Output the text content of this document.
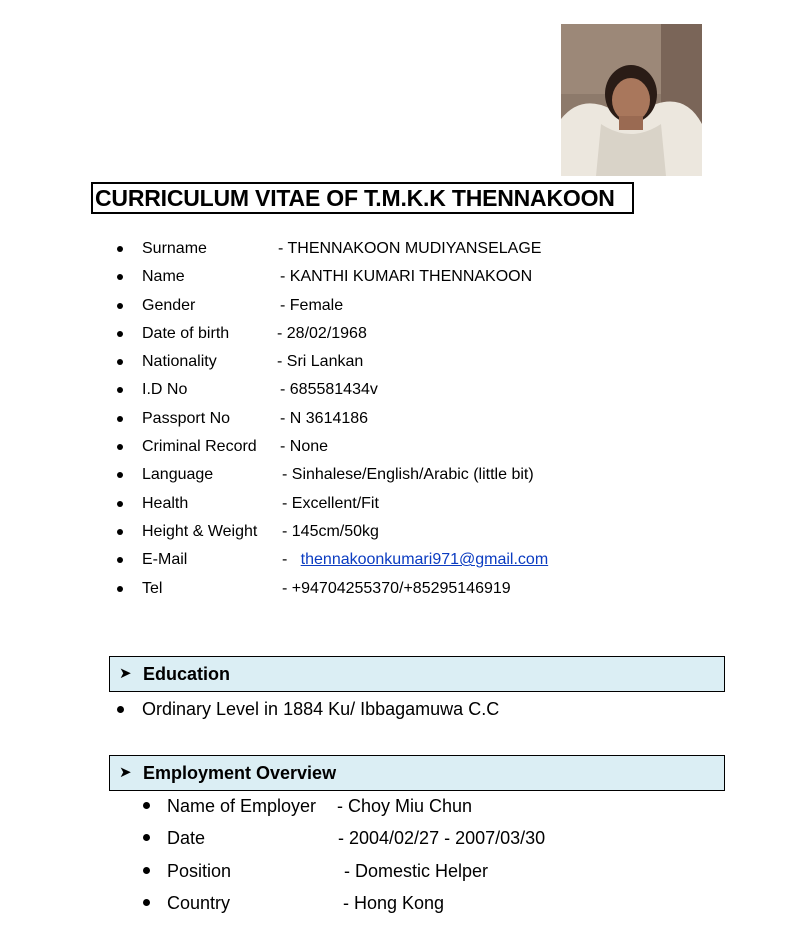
CURRICULUM VITAE OF T.M.K.K THENNAKOON
Surname	- THENNAKOON MUDIYANSELAGE
Name	- KANTHI KUMARI THENNAKOON
Gender	- Female
Date of birth	- 28/02/1968
Nationality	- Sri Lankan
I.D No	- 685581434v
Passport No	- N 3614186
Criminal Record - None
Language	- Sinhalese/English/Arabic (little bit)
Health	- Excellent/Fit
Height & Weight - 145cm/50kg
E-Mail	- thennakoonkumari971@gmail.com
Tel	- +94704255370/+85295146919
➤ Education
Ordinary Level in 1884 Ku/ Ibbagamuwa C.C
➤ Employment Overview
Name of Employer - Choy Miu Chun
Date	- 2004/02/27 - 2007/03/30
Position	- Domestic Helper
Country	- Hong Kong
